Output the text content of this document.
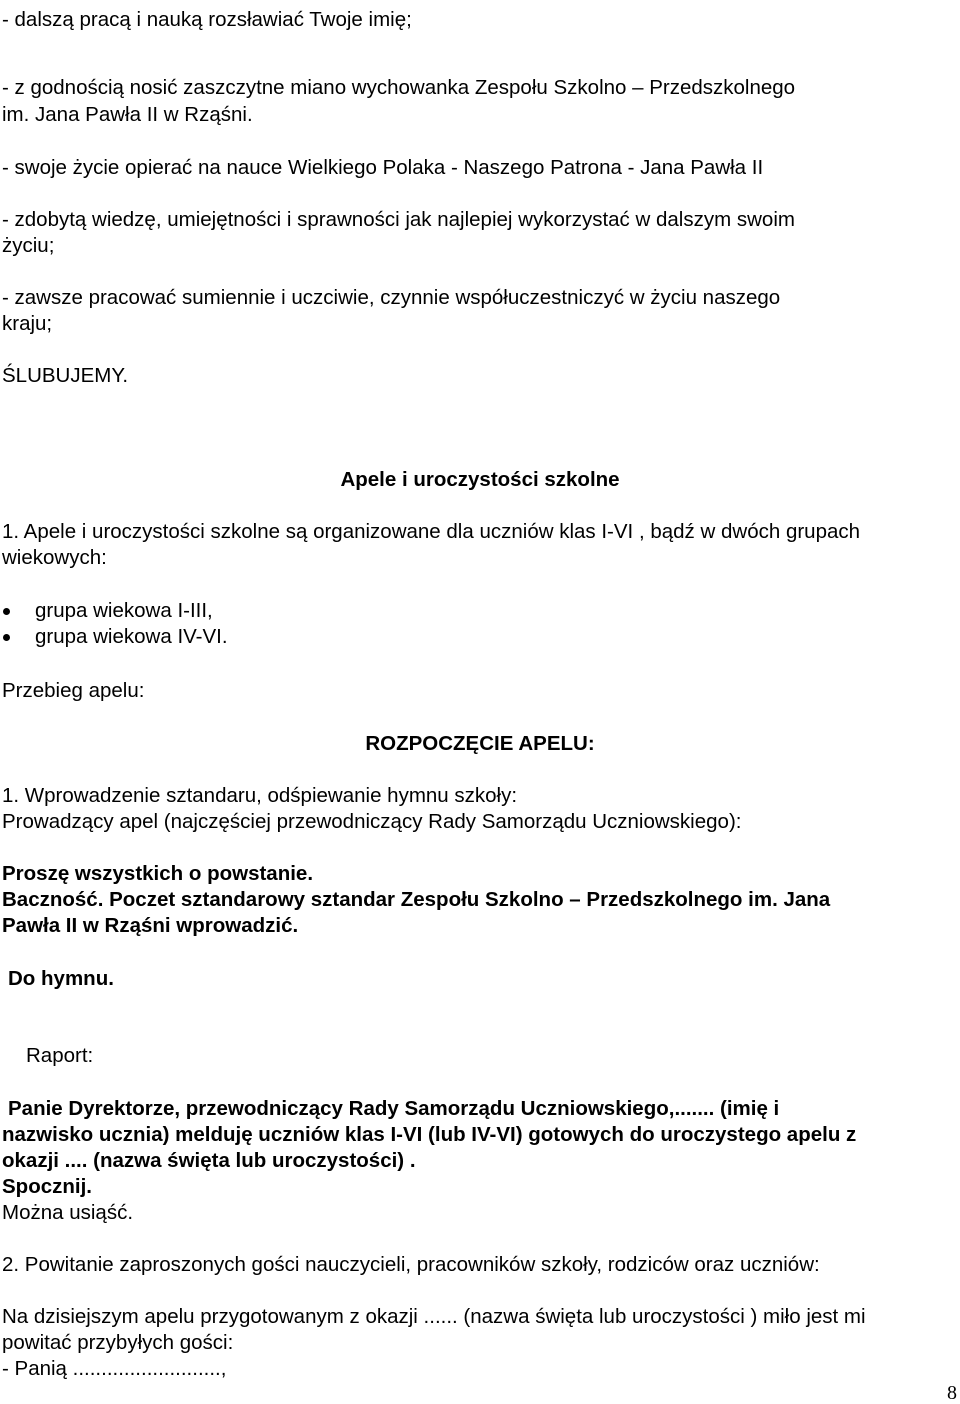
- dalszą pracą i nauką rozsławiać Twoje imię;

- z godnością nosić zaszczytne miano wychowanka Zespołu Szkolno – Przedszkolnego

im. Jana Pawła II w Rząśni.

- swoje życie opierać na nauce Wielkiego Polaka - Naszego Patrona - Jana Pawła II

- zdobytą wiedzę, umiejętności i sprawności jak najlepiej wykorzystać w dalszym swoim

życiu;

- zawsze pracować sumiennie i uczciwie, czynnie współuczestniczyć w życiu naszego

kraju;

ŚLUBUJEMY.

Apele i uroczystości szkolne

1. Apele i uroczystości szkolne są organizowane dla uczniów klas I-VI , bądź w dwóch grupach

wiekowych:

grupa wiekowa I-III,

grupa wiekowa IV-VI.

Przebieg apelu:

ROZPOCZĘCIE APELU:

1. Wprowadzenie sztandaru, odśpiewanie hymnu szkoły:

Prowadzący apel (najczęściej przewodniczący Rady Samorządu Uczniowskiego):

Proszę wszystkich o powstanie.

Baczność. Poczet sztandarowy sztandar Zespołu Szkolno – Przedszkolnego im. Jana

Pawła II w Rząśni wprowadzić.

Do hymnu.

Raport:

Panie Dyrektorze, przewodniczący Rady Samorządu Uczniowskiego,....... (imię i

nazwisko ucznia) melduję uczniów klas I-VI (lub IV-VI) gotowych do uroczystego apelu z

okazji .... (nazwa święta lub uroczystości) .

Spocznij.

Można usiąść.

2. Powitanie zaproszonych gości nauczycieli, pracowników szkoły, rodziców oraz uczniów:

Na dzisiejszym apelu przygotowanym z okazji ...... (nazwa święta lub uroczystości ) miło jest mi

powitać przybyłych gości:

- Panią ..........................,

8
